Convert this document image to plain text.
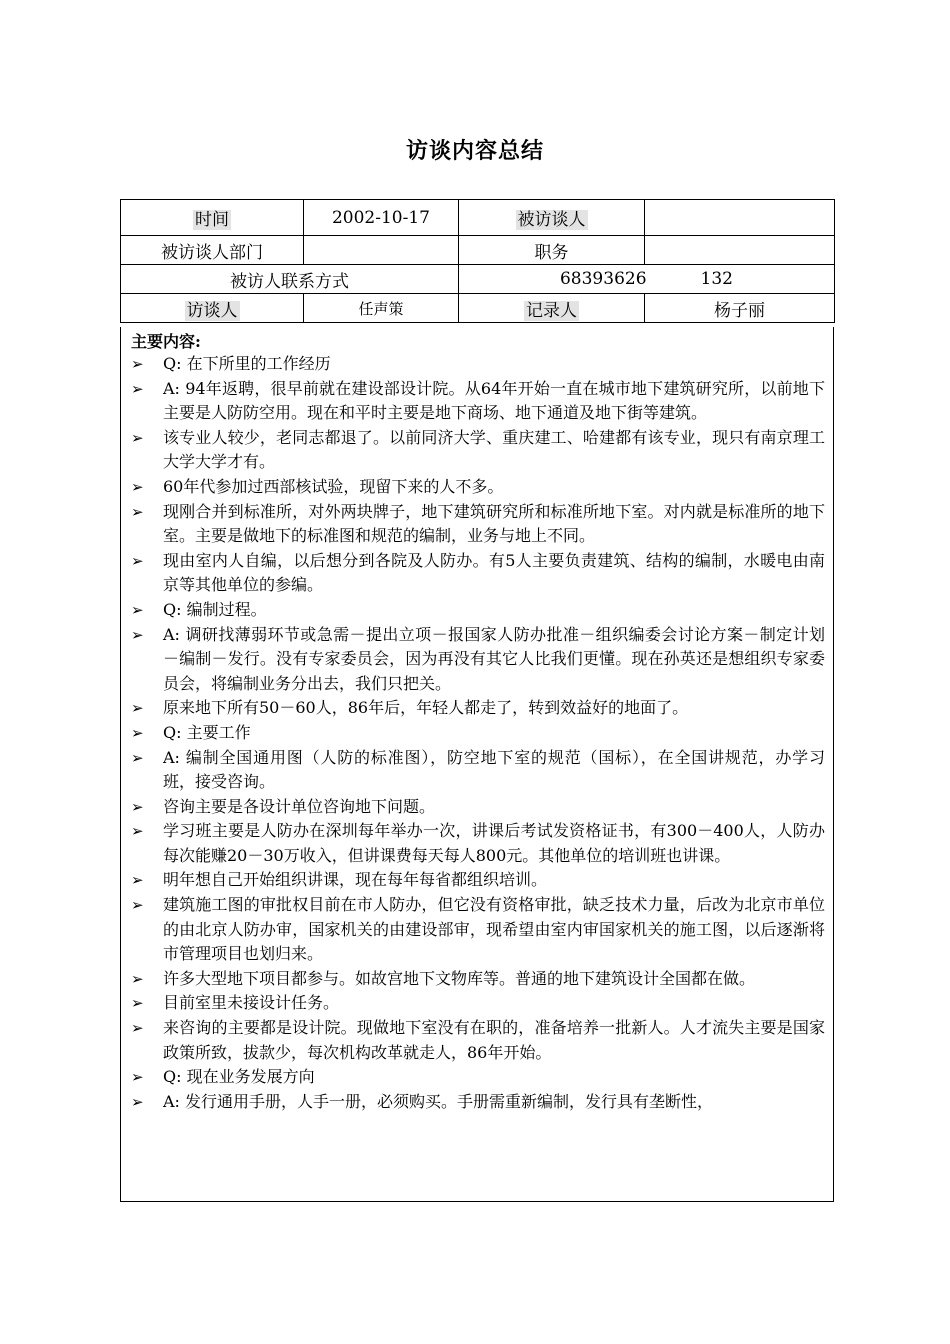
访谈内容总结
时间	2002-10-17	被访谈人	
被访谈人部门		职务	
被访人联系方式		68393626          132	
访谈人	任声策	记录人	杨子丽
主要内容:
➢ Q: 在下所里的工作经历
➢ A: 94年返聘，很早前就在建设部设计院。从64年开始一直在城市地下建筑研究所，以前地下主要是人防防空用。现在和平时主要是地下商场、地下通道及地下街等建筑。
➢ 该专业人较少，老同志都退了。以前同济大学、重庆建工、哈建都有该专业，现只有南京理工大学大学才有。
➢ 60年代参加过西部核试验，现留下来的人不多。
➢ 现刚合并到标准所，对外两块牌子，地下建筑研究所和标准所地下室。对内就是标准所的地下室。主要是做地下的标准图和规范的编制，业务与地上不同。
➢ 现由室内人自编，以后想分到各院及人防办。有5人主要负责建筑、结构的编制，水暖电由南京等其他单位的参编。
➢ Q: 编制过程。
➢ A: 调研找薄弱环节或急需－提出立项－报国家人防办批准－组织编委会讨论方案－制定计划－编制－发行。没有专家委员会，因为再没有其它人比我们更懂。现在孙英还是想组织专家委员会，将编制业务分出去，我们只把关。
➢ 原来地下所有50－60人，86年后，年轻人都走了，转到效益好的地面了。
➢ Q: 主要工作
➢ A: 编制全国通用图（人防的标准图），防空地下室的规范（国标），在全国讲规范，办学习班，接受咨询。
➢ 咨询主要是各设计单位咨询地下问题。
➢ 学习班主要是人防办在深圳每年举办一次，讲课后考试发资格证书，有300－400人，人防办每次能赚20－30万收入，但讲课费每天每人800元。其他单位的培训班也讲课。
➢ 明年想自己开始组织讲课，现在每年每省都组织培训。
➢ 建筑施工图的审批权目前在市人防办，但它没有资格审批，缺乏技术力量，后改为北京市单位的由北京人防办审，国家机关的由建设部审，现希望由室内审国家机关的施工图，以后逐渐将市管理项目也划归来。
➢ 许多大型地下项目都参与。如故宫地下文物库等。普通的地下建筑设计全国都在做。
➢ 目前室里未接设计任务。
➢ 来咨询的主要都是设计院。现做地下室没有在职的，准备培养一批新人。人才流失主要是国家政策所致，拔款少，每次机构改革就走人，86年开始。
➢ Q: 现在业务发展方向
➢ A: 发行通用手册，人手一册，必须购买。手册需重新编制，发行具有垄断性，
